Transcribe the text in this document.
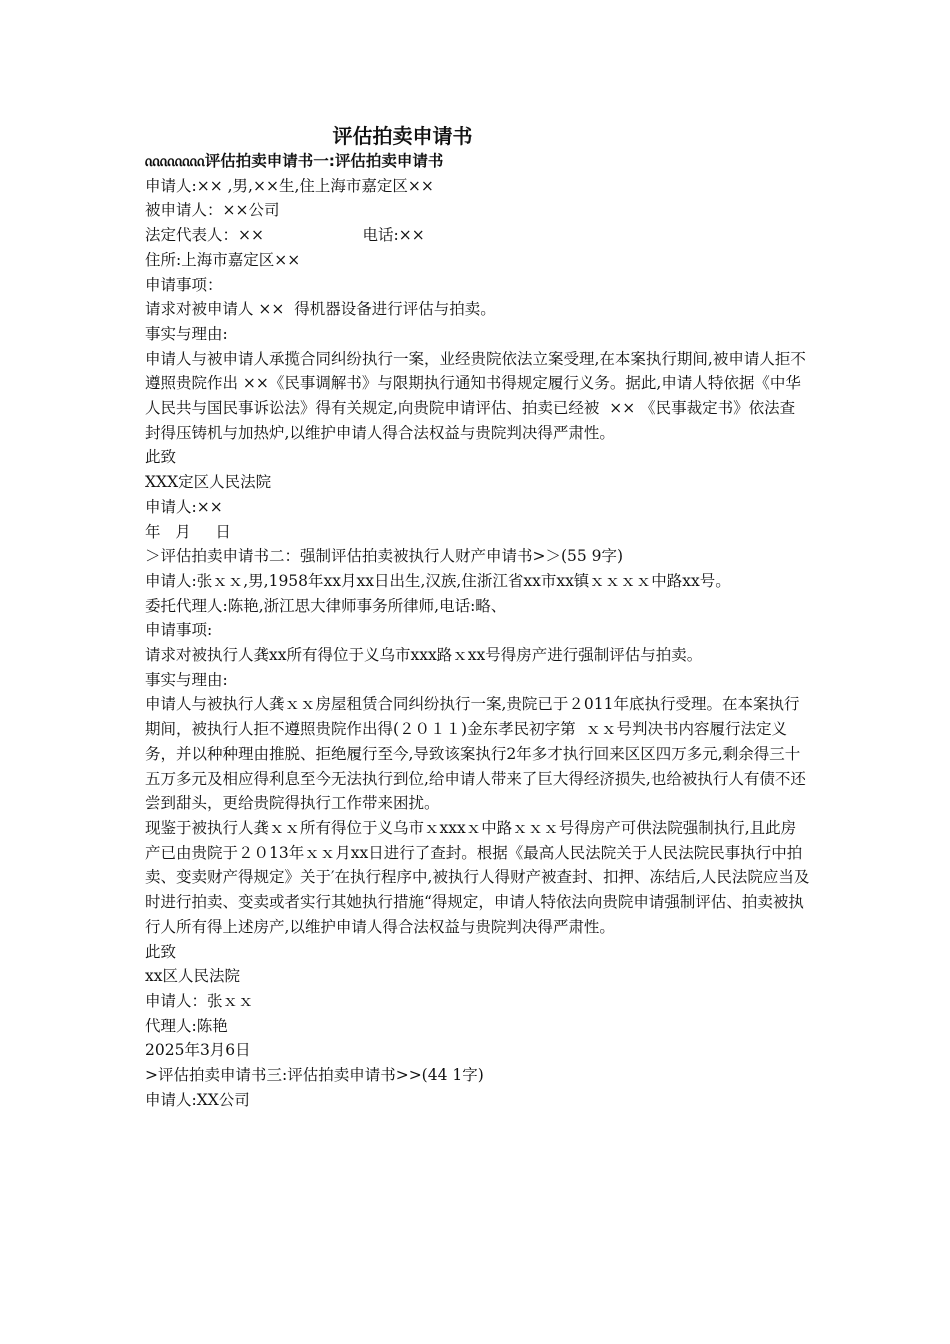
评估拍卖申请书
ᦶᦶᦶᦶ评估拍卖申请书一:评估拍卖申请书
申请人:×× ,男,××生,住上海市嘉定区××
被申请人：××公司
法定代表人：××                    电话:××
住所:上海市嘉定区××
申请事项：
请求对被申请人 ××  得机器设备进行评估与拍卖。
事实与理由:
申请人与被申请人承揽合同纠纷执行一案，业经贵院依法立案受理,在本案执行期间,被申请人拒不遵照贵院作出 ××《民事调解书》与限期执行通知书得规定履行义务。据此,申请人特依据《中华人民共与国民事诉讼法》得有关规定,向贵院申请评估、拍卖已经被  ×× 《民事裁定书》依法查封得压铸机与加热炉,以维护申请人得合法权益与贵院判决得严肃性。
此致
XXX定区人民法院
申请人:××
年   月     日
＞评估拍卖申请书二：强制评估拍卖被执行人财产申请书>＞(55 9字)
申请人:张ｘｘ,男,1958年xx月xx日出生,汉族,住浙江省xx市xx镇ｘｘｘｘ中路xx号。
委托代理人:陈艳,浙江思大律师事务所律师,电话:略、
申请事项:
请求对被执行人龚xx所有得位于义乌市xxx路ｘxx号得房产进行强制评估与拍卖。
事实与理由:
申请人与被执行人龚ｘｘ房屋租赁合同纠纷执行一案,贵院已于２011年底执行受理。在本案执行期间，被执行人拒不遵照贵院作出得(２０１１)金东孝民初字第  ｘｘ号判决书内容履行法定义务，并以种种理由推脱、拒绝履行至今,导致该案执行2年多才执行回来区区四万多元,剩余得三十五万多元及相应得利息至今无法执行到位,给申请人带来了巨大得经济损失,也给被执行人有债不还尝到甜头，更给贵院得执行工作带来困扰。
现鉴于被执行人龚ｘｘ所有得位于义乌市ｘxxxｘ中路ｘｘｘ号得房产可供法院强制执行,且此房产已由贵院于２０13年ｘｘ月xx日进行了查封。根据《最高人民法院关于人民法院民事执行中拍卖、变卖财产得规定》关于′在执行程序中,被执行人得财产被查封、扣押、冻结后,人民法院应当及时进行拍卖、变卖或者实行其她执行措施“得规定，申请人特依法向贵院申请强制评估、拍卖被执行人所有得上述房产,以维护申请人得合法权益与贵院判决得严肃性。
此致
xx区人民法院
申请人：张ｘｘ
代理人:陈艳
2025年3月6日
>评估拍卖申请书三:评估拍卖申请书>>(44 1字)
申请人:XX公司
